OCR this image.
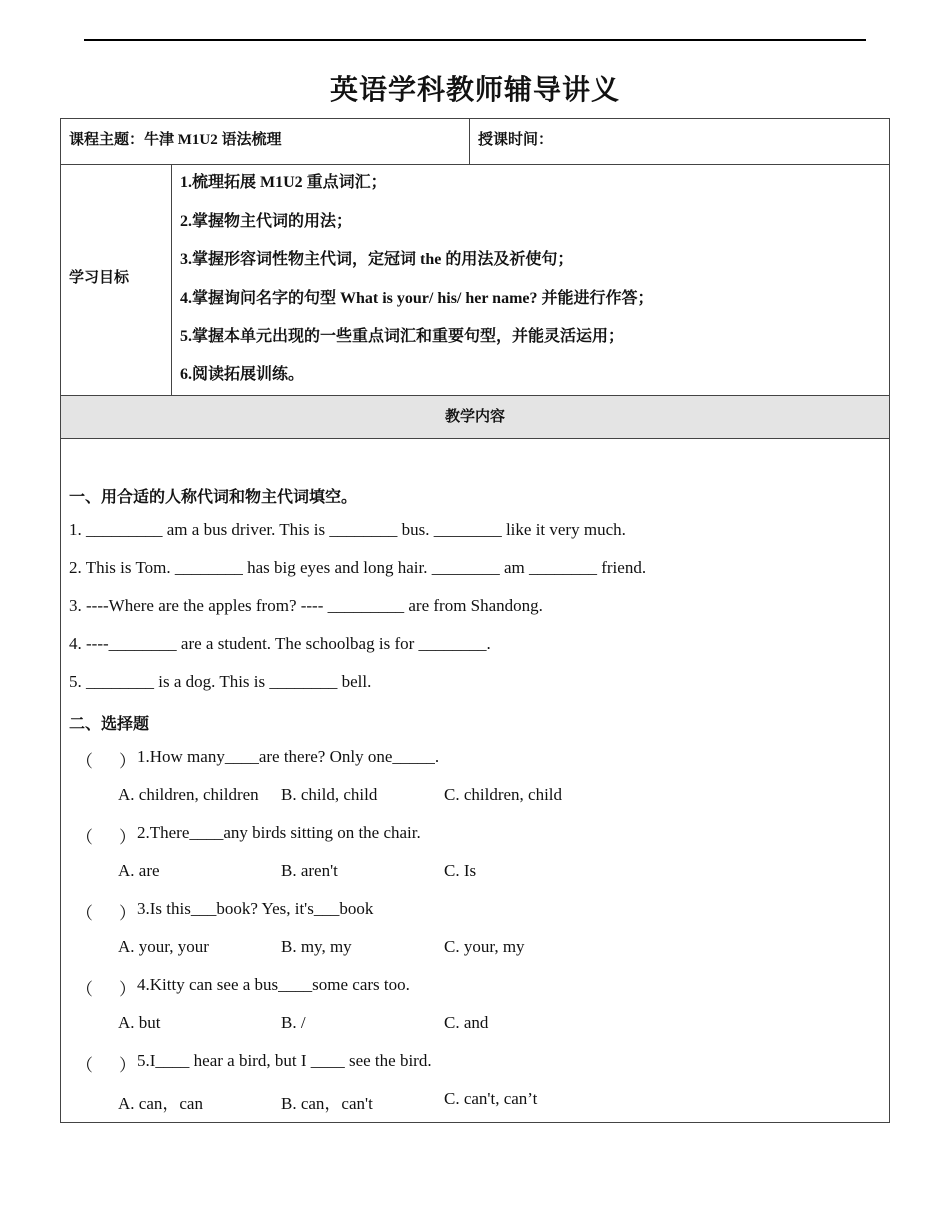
英语学科教师辅导讲义
课程主题：牛津 M1U2 语法梳理	授课时间：
学习目标
1.梳理拓展 M1U2 重点词汇；
2.掌握物主代词的用法；
3.掌握形容词性物主代词，定冠词 the 的用法及祈使句；
4.掌握询问名字的句型 What is your/ his/ her name? 并能进行作答；
5.掌握本单元出现的一些重点词汇和重要句型，并能灵活运用；
6.阅读拓展训练。
教学内容
一、用合适的人称代词和物主代词填空。
1. _________ am a bus driver. This is ________ bus. ________ like it very much.
2. This is Tom. ________ has big eyes and long hair. ________ am ________ friend.
3. ----Where are the apples from? ---- _________ are from Shandong.
4. ----________ are a student. The schoolbag is for ________.
5. ________ is a dog. This is ________ bell.
二、选择题
（ ） 1.How many____are there? Only one_____.
A. children, children B. child, child	C. children, child
（ ） 2.There____any birds sitting on the chair.
A. are	B. aren't	C. Is
（ ） 3.Is this___book? Yes, it's___book
A. your, your	B. my, my	C. your, my
（ ） 4.Kitty can see a bus____some cars too.
A. but	B. /	C. and
（ ） 5.I____ hear a bird, but I ____ see the bird.
A. can，can	B. can，can't	C. can't, can’t
